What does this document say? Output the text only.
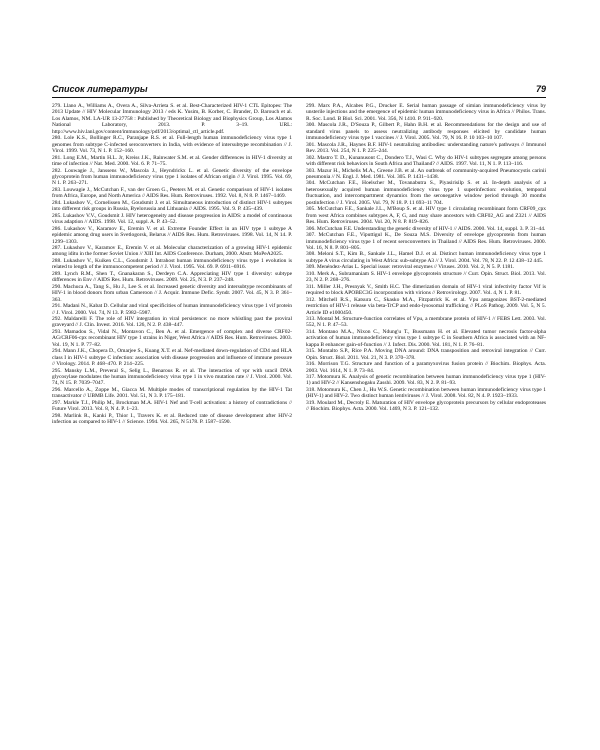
Список литературы	79

279. Llano A., Williams A., Overa A., Silva-Arrieta S. et al. Best-Characterized HIV-1 CTL Epitopes: The 2013 Update // HIV Molecular Immunology 2013 / eds K. Yusim, B. Korber, C. Brander, D. Barouch et al. Los Alamos, NM. LA-UR 13-27758 : Published by Theoretical Biology and Biophysics Group, Los Alamos National Laboratory, 2013. P. 3–19. URL: http://www.hiv.lanl.gov/content/immunology/pdf/2013/optimal_ctl_article.pdf.

280. Lole K.S., Bollinger R.C., Paranjape R.S. et al. Full-length human immunodeficiency virus type 1 genomes from subtype C-infected seroconverters in India, with evidence of intersubtype recombination // J. Virol. 1999. Vol. 73, N 1. P. 152–160.

281. Long E.M., Martin H.L. Jr, Kreiss J.K., Rainwater S.M. et al. Gender differences in HIV-1 diversity at time of infection // Nat. Med. 2000. Vol. 6. P. 71–75.

282. Louwagie J., Janssens W., Mascola J., Heyndrickx L. et al. Genetic diversity of the envelope glycoprotein from human immunodeficiency virus type 1 isolates of African origin // J. Virol. 1995. Vol. 69, N 1. P. 263–271.

283. Louwagie J., McCutchan F., van der Groen G., Peeters M. et al. Genetic comparison of HIV-1 isolates from Africa, Europe, and North America // AIDS Res. Hum. Retroviruses. 1992. Vol. 8, N 8. P. 1467–1469.

284. Lukashov V., Cornelissen M., Goudsmit J. et al. Simultaneous introduction of distinct HIV-1 subtypes into different risk groups in Russia, Byelorussia and Lithuania // AIDS. 1995. Vol. 9. P. 435–439.

285. Lukashov V.V., Goudsmit J. HIV heterogeneity and disease progression in AIDS: a model of continuous virus adaption // AIDS. 1998. Vol. 12, suppl. A. P. 43–52.

286. Lukashov V., Karamov E., Eremin V. et al. Extreme Founder Effect in an HIV type 1 subtype A epidemic among drug users in Svetlogorsk, Belarus // AIDS Res. Hum. Retroviruses. 1998. Vol. 14, N 14. P. 1299–1303.

287. Lukashov V., Karamov E., Eremin V. et al. Molecular characterization of a growing HIV-1 epidemic among iditu in the former Soviet Union // XIII Int. AIDS Conference. Durham, 2000. Abstr. MoPeA2025.

288. Lukashov V., Kuiken C.L., Goudsmit J. Intrahost human immunodeficiency virus type 1 evolution is related to length of the immunocompetent period // J. Virol. 1995. Vol. 69. P. 6911–6916.

289. Lynch R.M., Shen T., Gnanakaran S., Derdeyn C.A. Appreciating HIV type 1 diversity: subtype differences in Env // AIDS Res. Hum. Retroviruses. 2009. Vol. 25, N 3. P. 237–248.

290. Machuca A., Tang S., Hu J., Lee S. et al. Increased genetic diversity and intersubtype recombinants of HIV-1 in blood donors from urban Cameroon // J. Acquir. Immune Defic. Syndr. 2007. Vol. 45, N 3. P. 361–363.

291. Madani N., Kabat D. Cellular and viral specificities of human immunodeficiency virus type 1 vif protein // J. Virol. 2000. Vol. 74, N 13. P. 5982–5987.

292. Maldarelli F. The role of HIV integration in viral persistence: no more whistling past the proviral graveyard // J. Clin. Invest. 2016. Vol. 126, N 2. P. 438–447.

293. Mamadou S., Vidal N., Montavon C., Ben A. et al. Emergence of complex and diverse CRF02-AG/CRF06-cpx recombinant HIV type 1 strains in Niger, West Africa // AIDS Res. Hum. Retroviruses. 2003. Vol. 19, N 1. P. 77–82.

294. Mann J.K., Chopera D., Omarjee S., Kuang X.T. et al. Nef-mediated down-regulation of CD4 and HLA class I in HIV-1 subtype C infection: association with disease progression and influence of immune pressure // Virology. 2014. P. 468–470. P. 214–225.

295. Mansky L.M., Preveral S., Selig L., Benarous R. et al. The interaction of vpr with uracil DNA glycosylase modulates the human immunodeficiency virus type 1 in vivo mutation rate // J. Virol. 2000. Vol. 74, N 15. P. 7039–7047.

296. Marcello A., Zoppe M., Giacca M. Multiple modes of transcriptional regulation by the HIV-1 Tat transactivator // UBMB Life. 2001. Vol. 51, N 3. P. 175–181.

297. Markle T.J., Philip M., Brockman M.A. HIV-1 Nef and T-cell activation: a history of contradictions // Future Virol. 2013. Vol. 8, N 4. P. 1–23.

298. Marlink R., Kanki P., Thior I., Travers K. et al. Reduced rate of disease development after HIV-2 infection as compared to HIV-1 // Science. 1994. Vol. 265, N 5178. P. 1587–1590.

299. Marx P.A., Alcabes P.G., Drucker E. Serial human passage of simian immunodeficiency virus by unsterile injections and the emergence of epidemic human immunodeficiency virus in Africa // Philos. Trans. R. Soc. Lond. B Biol. Sci. 2001. Vol. 356, N 1410. P. 911–920.

300. Mascola J.R., D'Souza P., Gilbert P., Hahn B.H. et al. Recommendations for the design and use of standard virus panels to assess neutralizing antibody responses elicited by candidate human immunodeficiency virus type 1 vaccines // J. Virol. 2005. Vol. 79, N 16. P. 10 103–10 107.

301. Mascola J.R., Haynes B.F. HIV-1 neutralizing antibodies: understanding nature's pathways // Immunol Rev. 2013. Vol. 254, N 1. P. 225–244.

302. Mastro T. D., Kunanusont C., Dondero T.J., Wasi C. Why do HIV-1 subtypes segregate among persons with different risk behaviors in South Africa and Thailand? // AIDS. 1997. Vol. 11, N 1. P. 113–116.

303. Mazur H., Michelis M.A., Greene J.B. et al. An outbreak of community-acquired Pneumocystis carinii pneumonia // N. Engl. J. Med. 1981. Vol. 305. P. 1431–1438.

304. McCutchan F.E., Hoelscher M., Tovanabutra S., Piyasirisilp S. et al. In-depth analysis of a heterosexually acquired human immunodeficiency virus type 1 superinfection: evolution, temporal fluctuation, and intercompartment dynamics from the seronegative window period through 30 months postinfection // J. Virol. 2005. Vol. 79, N 18. P. 11 693–11 704.

305. McCutchan F.E., Sankale J.L., M'Boup S. et al. HIV type 1 circulating recombinant form CRF09_cpx from west Africa combines subtypes A, F, G, and may share ancestors with CRF02_AG and Z321 // AIDS Res. Hum. Retroviruses. 2004. Vol. 20, N 8. P. 819–826.

306. McCutchan F.E. Understanding the genetic diversity of HIV-1 // AIDS. 2000. Vol. 14, suppl. 3. P. 31–44.

307. McCutchan F.E., Viputtigul K., De Souza M.S. Diversity of envelope glycoprotein from human immunodeficiency virus type 1 of recent seroconverters in Thailand // AIDS Res. Hum. Retroviruses. 2000. Vol. 16, N 8. P. 801–805.

308. Meloni S.T., Kim B., Sankale J.L., Hamel D.J. et al. Distinct human immunodeficiency virus type 1 subtype A virus circulating in West Africa: sub-subtype A3 // J. Virol. 2004. Vol. 78, N 22. P. 12 438–12 445.

309. Menéndez-Arias L. Special issue: retroviral enzymes // Viruses. 2010. Vol. 2, N 5. P. 1181.

310. Merk A., Subramaniam S. HIV-1 envelope glycoprotein structure // Curr. Opin. Struct. Biol. 2013. Vol. 23, N 2. P. 268–276.

311. Miller J.H., Presnyak V., Smith H.C. The dimerization domain of HIV-1 viral infectivity factor Vif is required to block APOBEC3G incorporation with virions // Retrovirology. 2007. Vol. 4, N 1. P. 81.

312. Mitchell R.S., Katsura C., Skasko M.A., Fitzpatrick K. et al. Vpu antagonizes BST-2-mediated restriction of HIV-1 release via beta-TrCP and endo-lysosomal trafficking // PLoS Pathog. 2009. Vol. 5, N 5. Article ID e1000450.

313. Montal M. Structure-function correlates of Vpu, a membrane protein of HIV-1 // FEBS Lett. 2003. Vol. 552, N 1. P. 47–53.

314. Montano M.A., Nixon C., Ndung'u T., Bussmann H. et al. Elevated tumor necrosis factor-alpha activation of human immunodeficiency virus type 1 subtype C in Southern Africa is associated with an NF-kappa B enhancer gain-of-function // J. Infect. Dis. 2000. Vol. 181, N 1. P. 76–81.

315. Montalto S.P., Rice P.A. Moving DNA around: DNA transposition and retroviral integration // Curr. Opin. Struct. Biol. 2011. Vol. 21, N 3. P. 370–378.

316. Morrison T.G. Structure and function of a paramyxovirus fusion protein // Biochim. Biophys. Acta. 2003. Vol. 1614, N 1. P. 73–84.

317. Motomura K. Analysis of genetic recombination between human immunodeficiency virus type 1 (HIV-1) and HIV-2 // Kansenshogaku Zasshi. 2009. Vol. 83, N 2. P. 81–93.

318. Motomura K., Chen J., Hu W.S. Genetic recombination between human immunodeficiency virus type 1 (HIV-1) and HIV-2. Two distinct human lentiviruses // J. Virol. 2008. Vol. 82, N 4. P. 1923–1933.

319. Moulard M., Decroly E. Maturation of HIV envelope glycoprotein precursors by cellular endoproteases // Biochim. Biophys. Acta. 2000. Vol. 1469, N 3. P. 121–132.
